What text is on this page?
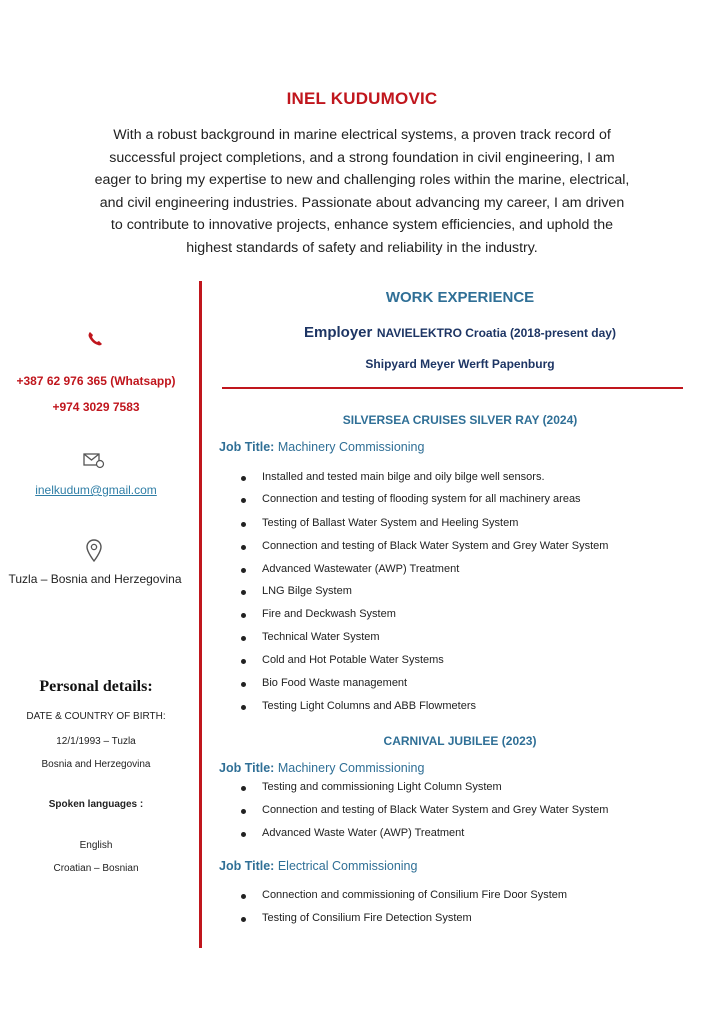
INEL KUDUMOVIC
With a robust background in marine electrical systems, a proven track record of successful project completions, and a strong foundation in civil engineering, I am eager to bring my expertise to new and challenging roles within the marine, electrical, and civil engineering industries. Passionate about advancing my career, I am driven to contribute to innovative projects, enhance system efficiencies, and uphold the highest standards of safety and reliability in the industry.
+387 62 976 365 (Whatsapp)
+974 3029 7583
inelkudum@gmail.com
Tuzla – Bosnia and Herzegovina
Personal details:
DATE & COUNTRY OF BIRTH:
12/1/1993 – Tuzla
Bosnia and Herzegovina
Spoken languages :
English
Croatian – Bosnian
WORK EXPERIENCE
Employer NAVIELEKTRO Croatia (2018-present day)
Shipyard Meyer Werft Papenburg
SILVERSEA CRUISES SILVER RAY (2024)
Job Title: Machinery Commissioning
Installed and tested main bilge and oily bilge well sensors.
Connection and testing of flooding system for all machinery areas
Testing of Ballast Water System and Heeling System
Connection and testing of Black Water System and Grey Water System
Advanced Wastewater (AWP) Treatment
LNG Bilge System
Fire and Deckwash System
Technical Water System
Cold and Hot Potable Water Systems
Bio Food Waste management
Testing Light Columns and ABB Flowmeters
CARNIVAL JUBILEE (2023)
Job Title: Machinery Commissioning
Testing and commissioning Light Column System
Connection and testing of Black Water System and Grey Water System
Advanced Waste Water (AWP) Treatment
Job Title: Electrical Commissioning
Connection and commissioning of Consilium Fire Door System
Testing of Consilium Fire Detection System
